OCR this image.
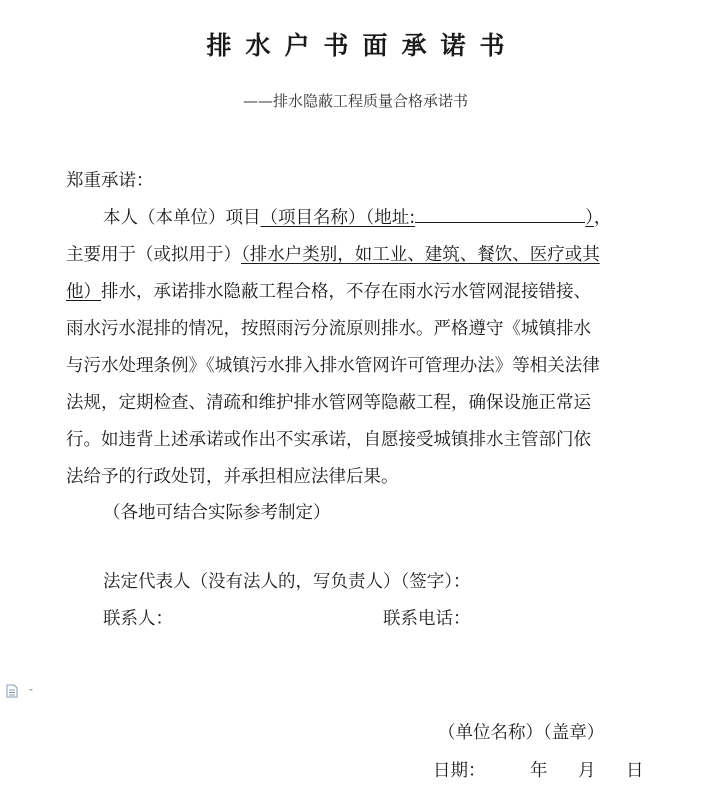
排水户书面承诺书
——排水隐蔽工程质量合格承诺书
郑重承诺：
本人（本单位）项目（项目名称）（地址:	），
主要用于（或拟用于）（排水户类别，如工业、建筑、餐饮、医疗或其
他）排水，承诺排水隐蔽工程合格，不存在雨水污水管网混接错接、
雨水污水混排的情况，按照雨污分流原则排水。严格遵守《城镇排水
与污水处理条例》《城镇污水排入排水管网许可管理办法》等相关法律
法规，定期检查、清疏和维护排水管网等隐蔽工程，确保设施正常运
行。如违背上述承诺或作出不实承诺，自愿接受城镇排水主管部门依
法给予的行政处罚，并承担相应法律后果。
（各地可结合实际参考制定）
法定代表人（没有法人的，写负责人）（签字）：
联系人：	联系电话：
（单位名称）（盖章）
日期：	年 月 日
